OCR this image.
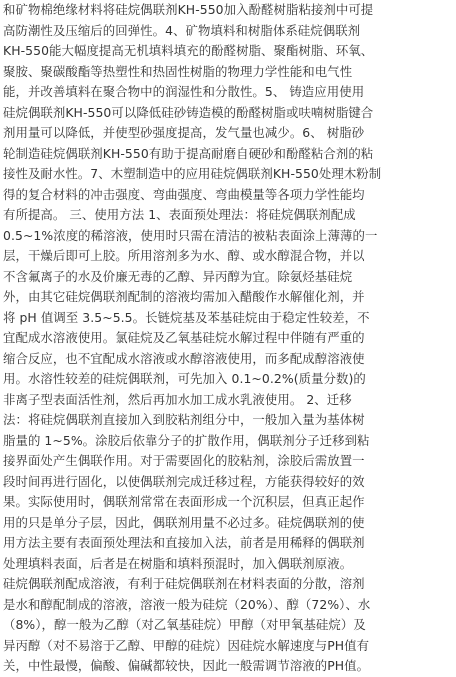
和矿物棉绝缘材料将硅烷偶联剂KH-550加入酚醛树脂粘接剂中可提
高防潮性及压缩后的回弹性。4、矿物填料和树脂体系硅烷偶联剂
KH-550能大幅度提高无机填料填充的酚醛树脂、聚酯树脂、环氧、
聚胺、聚碳酸酯等热塑性和热固性树脂的物理力学性能和电气性
能，并改善填料在聚合物中的润湿性和分散性。5、 铸造应用使用
硅烷偶联剂KH-550可以降低硅砂铸造模的酚醛树脂或呋喃树脂键合
剂用量可以降低，并使型砂强度提高，发气量也减少。6、 树脂砂
轮制造硅烷偶联剂KH-550有助于提高耐磨自硬砂和酚醛粘合剂的粘
接性及耐水性。7、木塑制造中的应用硅烷偶联剂KH-550处理木粉制
得的复合材料的冲击强度、弯曲强度、弯曲模量等各项力学性能均
有所提高。 三、使用方法 1、表面预处理法：将硅烷偶联剂配成
0.5~1%浓度的稀溶液，使用时只需在清洁的被粘表面涂上薄薄的一
层，干燥后即可上胶。所用溶剂多为水、醇、或水醇混合物，并以
不含氟离子的水及价廉无毒的乙醇、异丙醇为宜。除氨烃基硅烷
外，由其它硅烷偶联剂配制的溶液均需加入醋酸作水解催化剂，并
将 pH 值调至 3.5~5.5。长链烷基及苯基硅烷由于稳定性较差，不
宜配成水溶液使用。氯硅烷及乙氧基硅烷水解过程中伴随有严重的
缩合反应，也不宜配成水溶液或水醇溶液使用，而多配成醇溶液使
用。水溶性较差的硅烷偶联剂，可先加入 0.1~0.2%(质量分数)的
非离子型表面活性剂，然后再加水加工成水乳液使用。 2、迁移
法：将硅烷偶联剂直接加入到胶粘剂组分中，一般加入量为基体树
脂量的 1~5%。涂胶后依靠分子的扩散作用，偶联剂分子迁移到粘
接界面处产生偶联作用。对于需要固化的胶粘剂，涂胶后需放置一
段时间再进行固化，以使偶联剂完成迁移过程，方能获得较好的效
果。实际使用时，偶联剂常常在表面形成一个沉积层，但真正起作
用的只是单分子层，因此，偶联剂用量不必过多。硅烷偶联剂的使
用方法主要有表面预处理法和直接加入法，前者是用稀释的偶联剂
处理填料表面，后者是在树脂和填料预混时，加入偶联剂原液。
硅烷偶联剂配成溶液，有利于硅烷偶联剂在材料表面的分散，溶剂
是水和醇配制成的溶液，溶液一般为硅烷（20%）、醇（72%）、水
（8%），醇一般为乙醇（对乙氧基硅烷）甲醇（对甲氧基硅烷）及
异丙醇（对不易溶于乙醇、甲醇的硅烷）因硅烷水解速度与PH值有
关，中性最慢，偏酸、偏碱都较快，因此一般需调节溶液的PH值。
